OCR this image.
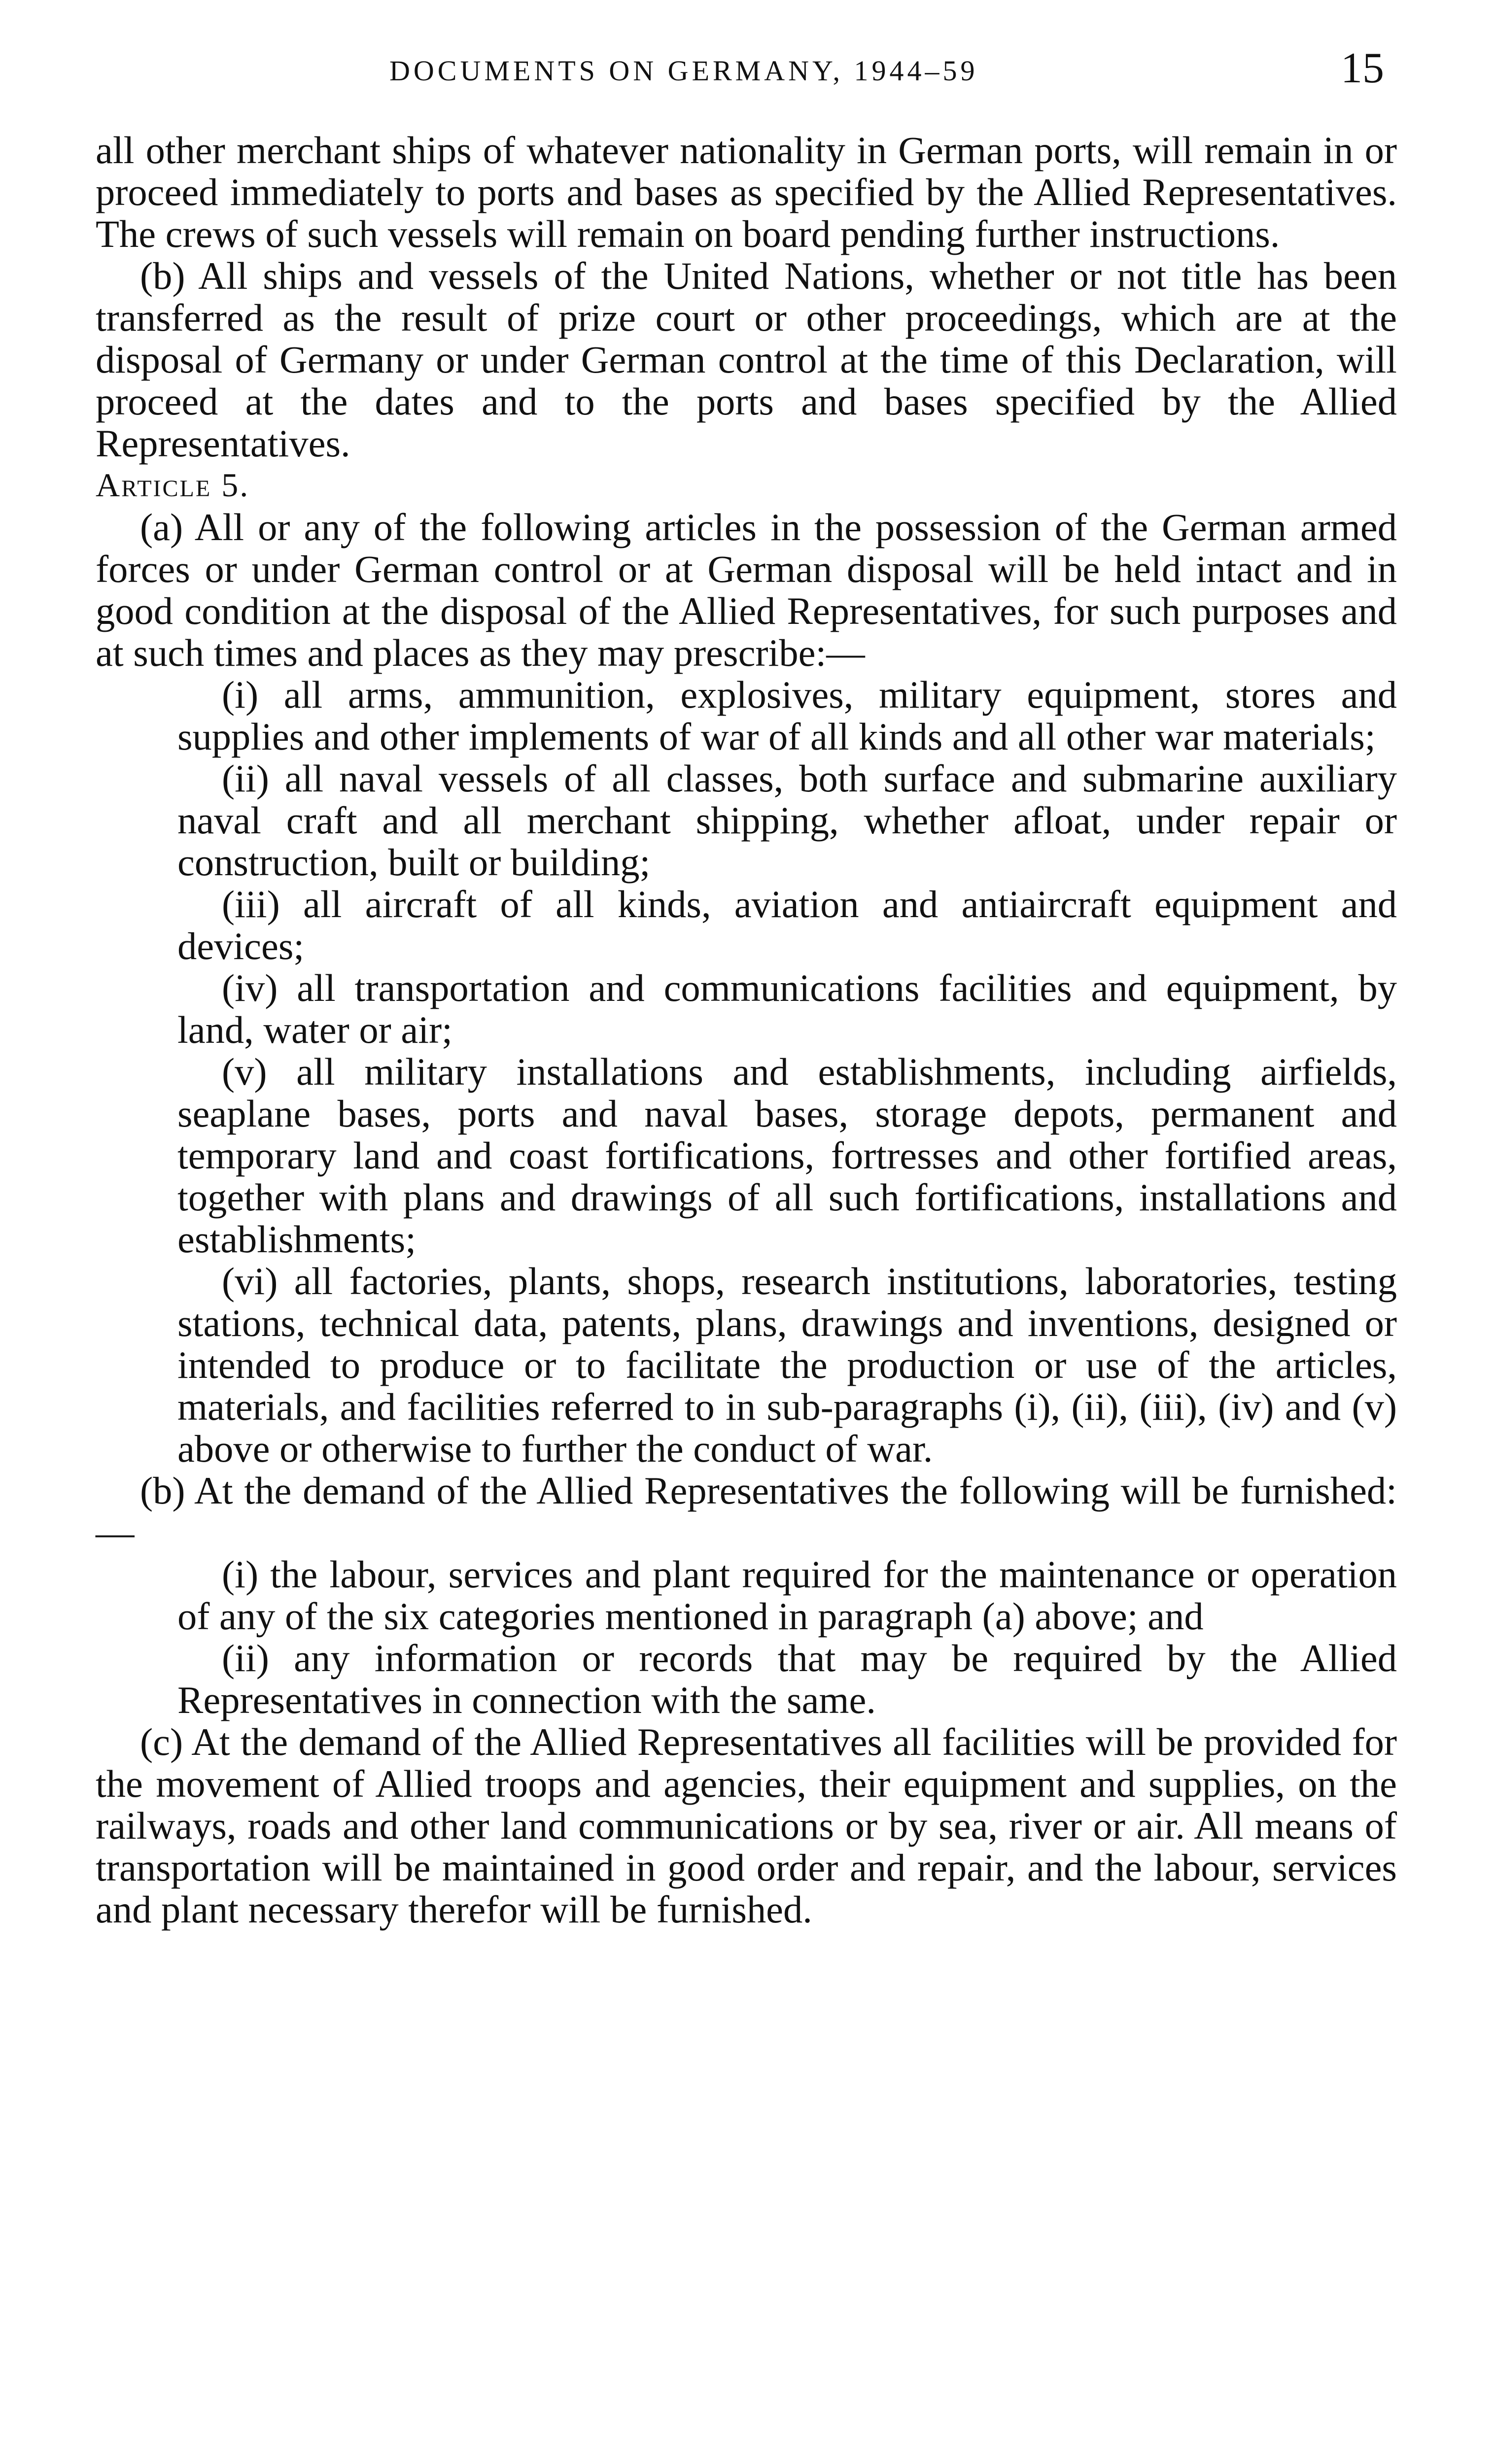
DOCUMENTS ON GERMANY, 1944–59	15

all other merchant ships of whatever nationality in German ports, will remain in or proceed immediately to ports and bases as specified by the Allied Representatives. The crews of such vessels will remain on board pending further instructions.

(b) All ships and vessels of the United Nations, whether or not title has been transferred as the result of prize court or other proceedings, which are at the disposal of Germany or under German control at the time of this Declaration, will proceed at the dates and to the ports and bases specified by the Allied Representatives.

Article 5.

(a) All or any of the following articles in the possession of the German armed forces or under German control or at German disposal will be held intact and in good condition at the disposal of the Allied Representatives, for such purposes and at such times and places as they may prescribe:—

(i) all arms, ammunition, explosives, military equipment, stores and supplies and other implements of war of all kinds and all other war materials;

(ii) all naval vessels of all classes, both surface and submarine auxiliary naval craft and all merchant shipping, whether afloat, under repair or construction, built or building;

(iii) all aircraft of all kinds, aviation and antiaircraft equipment and devices;

(iv) all transportation and communications facilities and equipment, by land, water or air;

(v) all military installations and establishments, including airfields, seaplane bases, ports and naval bases, storage depots, permanent and temporary land and coast fortifications, fortresses and other fortified areas, together with plans and drawings of all such fortifications, installations and establishments;

(vi) all factories, plants, shops, research institutions, laboratories, testing stations, technical data, patents, plans, drawings and inventions, designed or intended to produce or to facilitate the production or use of the articles, materials, and facilities referred to in sub-paragraphs (i), (ii), (iii), (iv) and (v) above or otherwise to further the conduct of war.

(b) At the demand of the Allied Representatives the following will be furnished:—

(i) the labour, services and plant required for the maintenance or operation of any of the six categories mentioned in paragraph (a) above; and

(ii) any information or records that may be required by the Allied Representatives in connection with the same.

(c) At the demand of the Allied Representatives all facilities will be provided for the movement of Allied troops and agencies, their equipment and supplies, on the railways, roads and other land communications or by sea, river or air. All means of transportation will be maintained in good order and repair, and the labour, services and plant necessary therefor will be furnished.
